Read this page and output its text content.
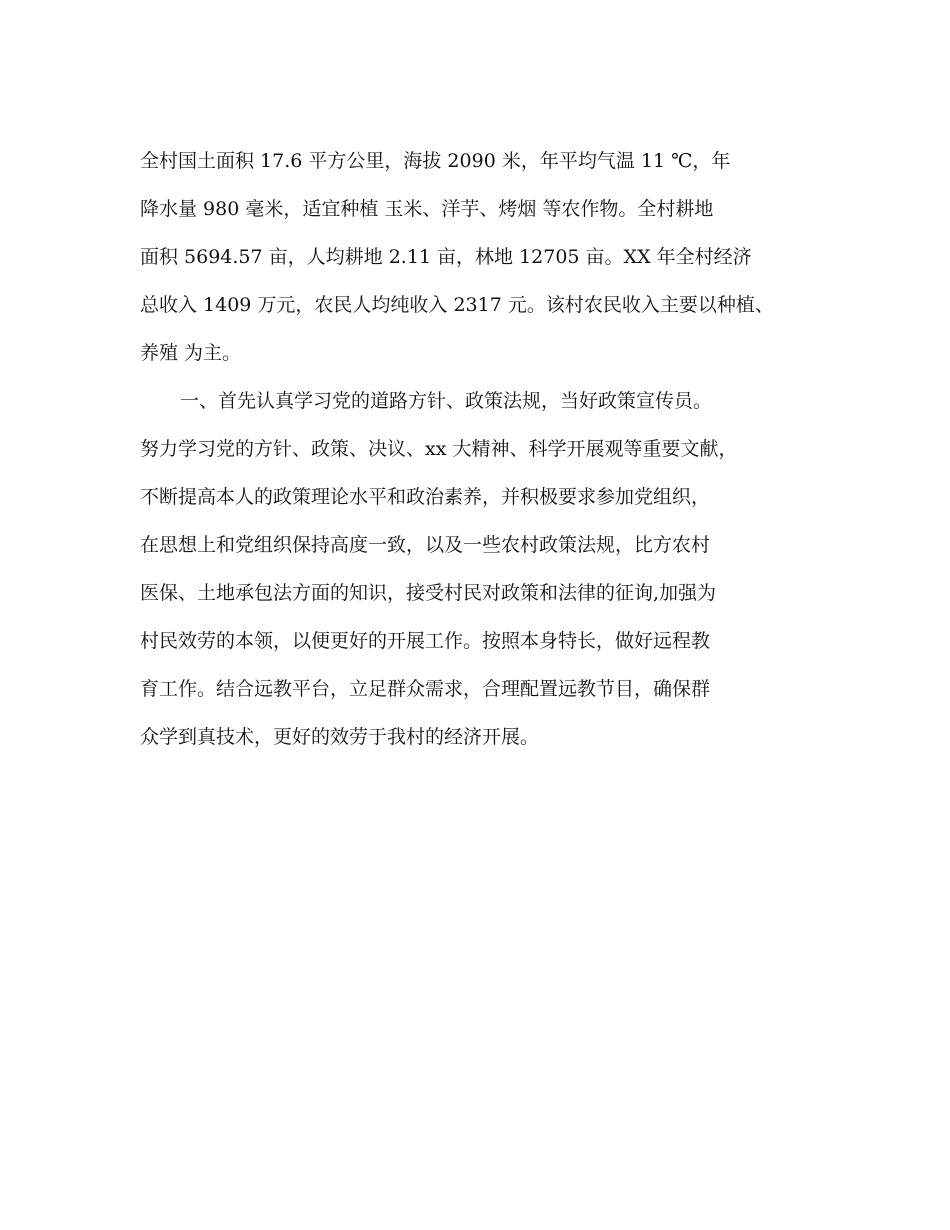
全村国土面积 17.6 平方公里，海拔 2090 米，年平均气温 11 ℃，年
降水量 980 毫米，适宜种植 玉米、洋芋、烤烟 等农作物。全村耕地
面积 5694.57 亩，人均耕地 2.11 亩，林地 12705 亩。XX 年全村经济
总收入 1409 万元，农民人均纯收入 2317 元。该村农民收入主要以种植、
养殖 为主。
一、首先认真学习党的道路方针、政策法规，当好政策宣传员。
努力学习党的方针、政策、决议、xx 大精神、科学开展观等重要文献，
不断提高本人的政策理论水平和政治素养，并积极要求参加党组织，
在思想上和党组织保持高度一致，以及一些农村政策法规，比方农村
医保、土地承包法方面的知识，接受村民对政策和法律的征询,加强为
村民效劳的本领，以便更好的开展工作。按照本身特长，做好远程教
育工作。结合远教平台，立足群众需求，合理配置远教节目，确保群
众学到真技术，更好的效劳于我村的经济开展。
